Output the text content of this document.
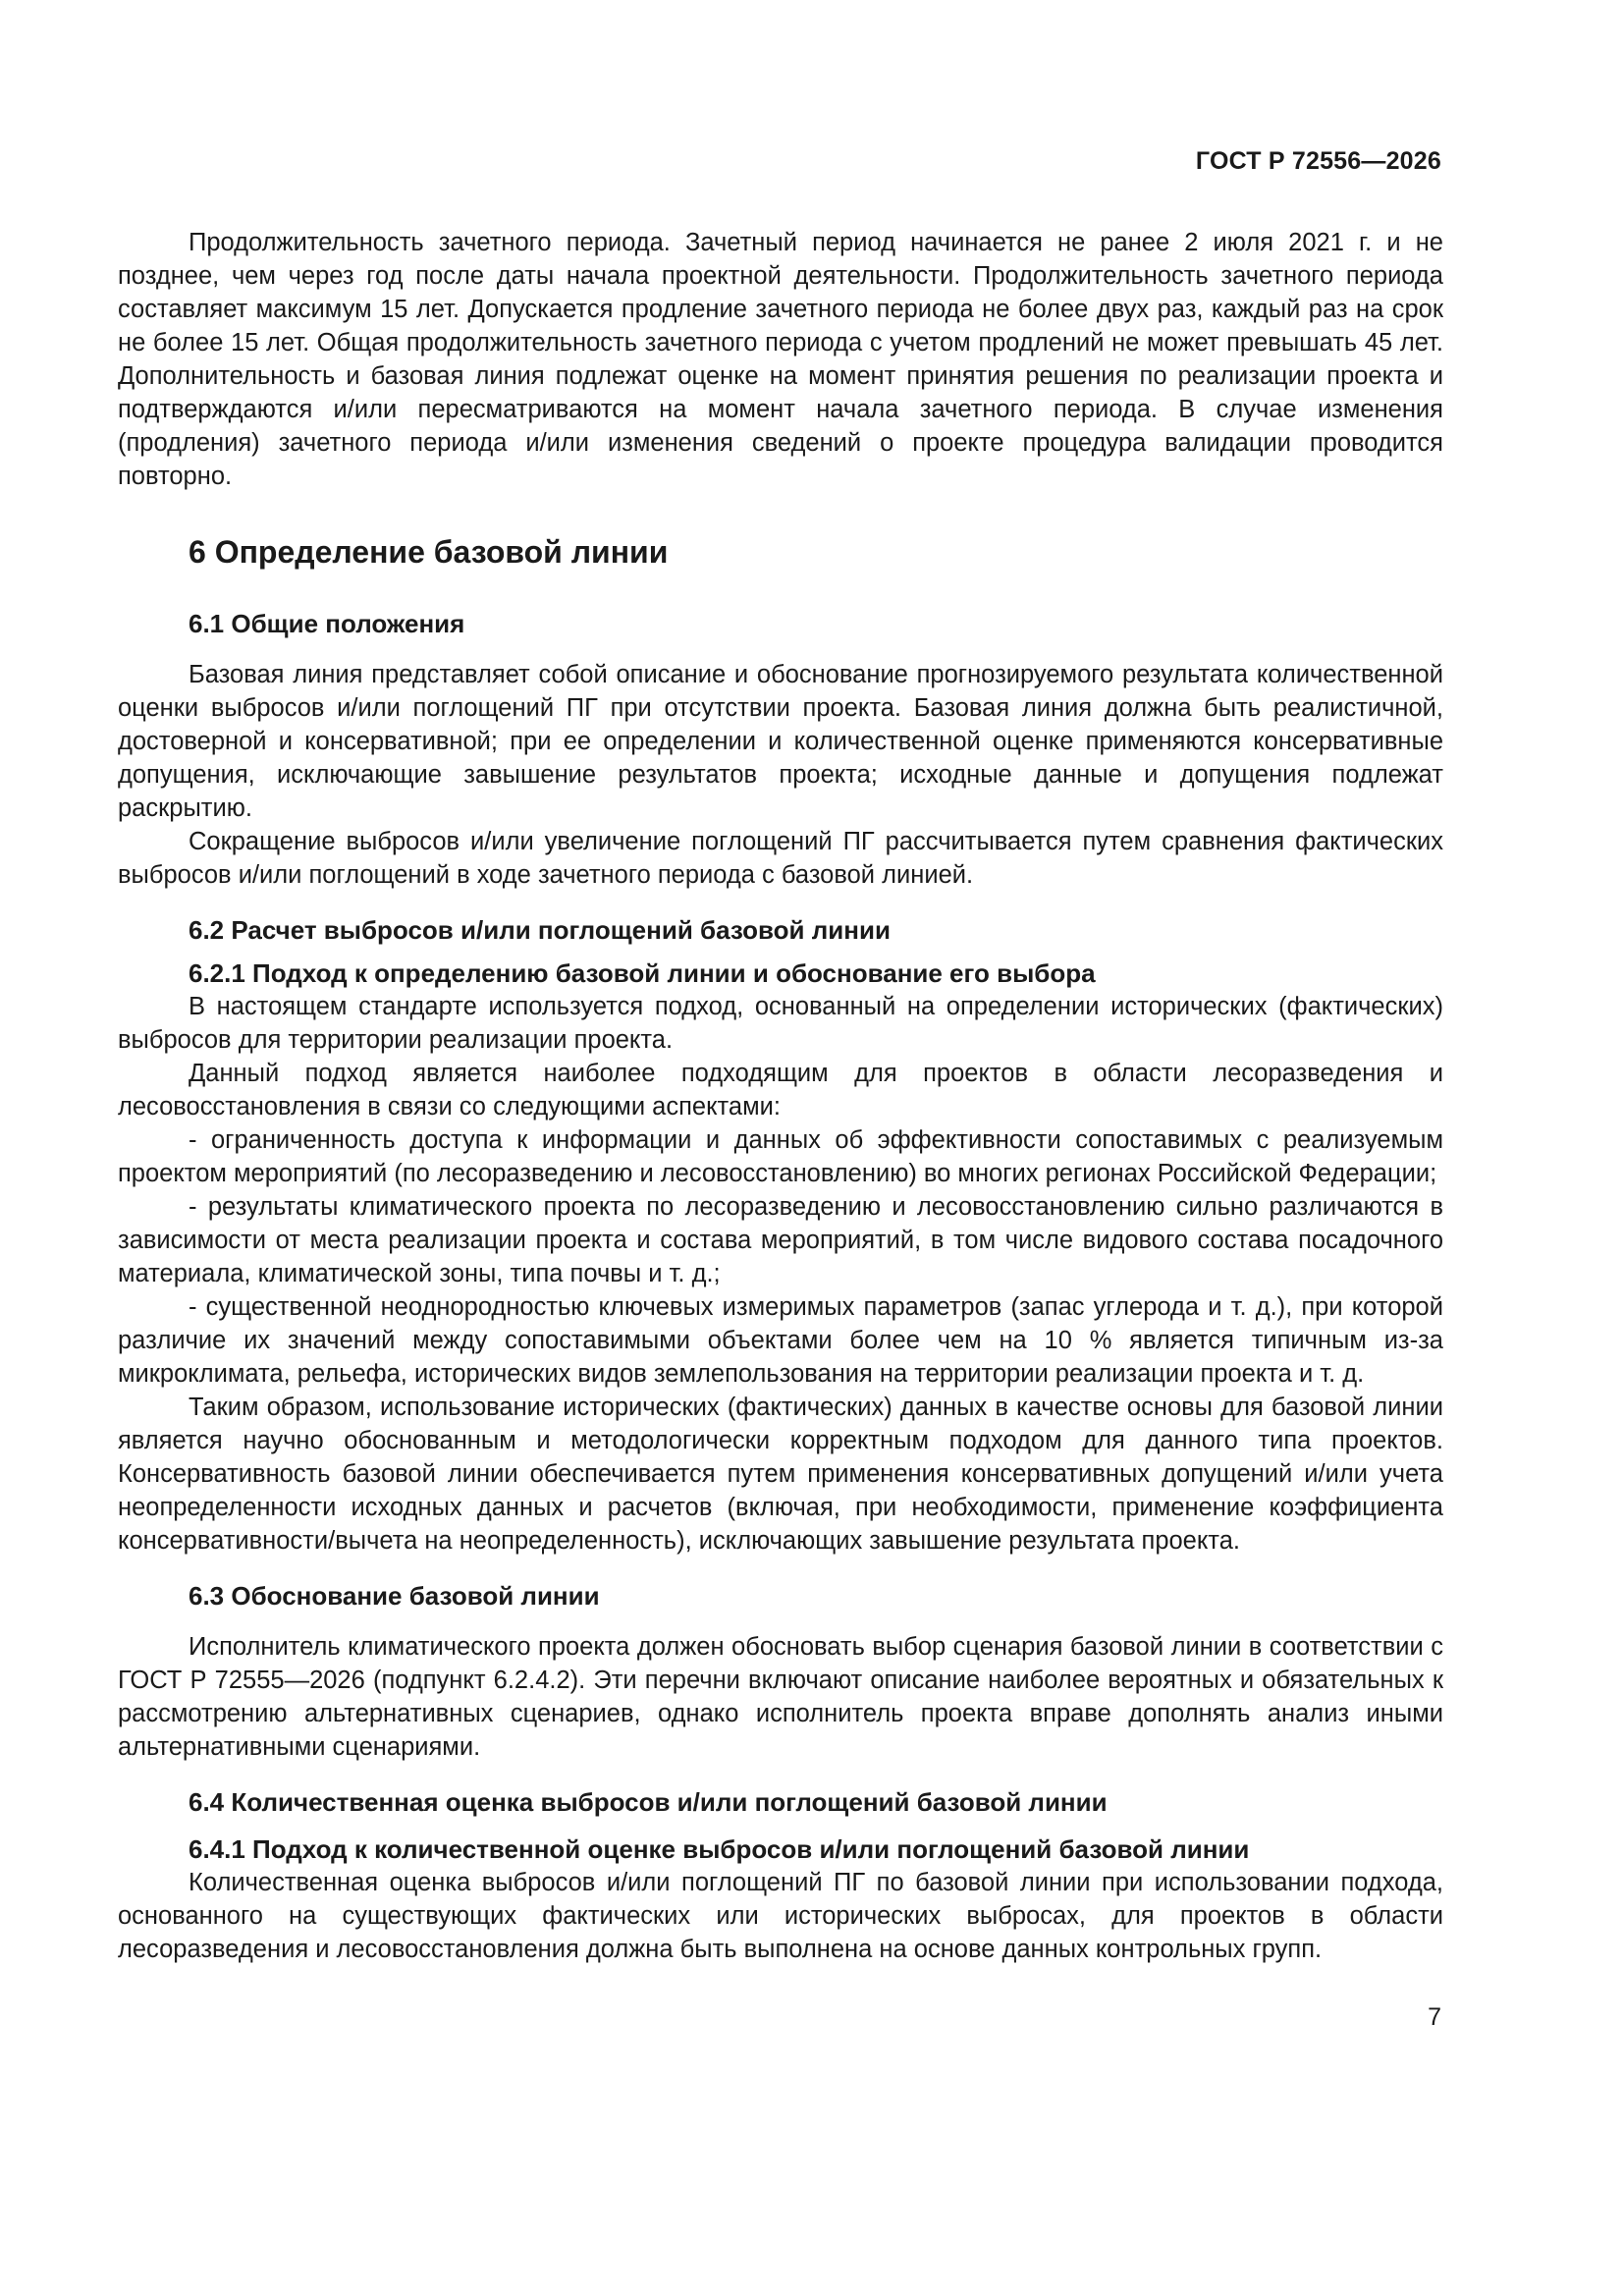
ГОСТ Р 72556—2026

Продолжительность зачетного периода. Зачетный период начинается не ранее 2 июля 2021 г. и не позднее, чем через год после даты начала проектной деятельности. Продолжительность зачетного периода составляет максимум 15 лет. Допускается продление зачетного периода не более двух раз, каждый раз на срок не более 15 лет. Общая продолжительность зачетного периода с учетом продлений не может превышать 45 лет. Дополнительность и базовая линия подлежат оценке на момент принятия решения по реализации проекта и подтверждаются и/или пересматриваются на момент начала зачетного периода. В случае изменения (продления) зачетного периода и/или изменения сведений о проекте процедура валидации проводится повторно.

6 Определение базовой линии
6.1 Общие положения

Базовая линия представляет собой описание и обоснование прогнозируемого результата количественной оценки выбросов и/или поглощений ПГ при отсутствии проекта. Базовая линия должна быть реалистичной, достоверной и консервативной; при ее определении и количественной оценке применяются консервативные допущения, исключающие завышение результатов проекта; исходные данные и допущения подлежат раскрытию.

Сокращение выбросов и/или увеличение поглощений ПГ рассчитывается путем сравнения фактических выбросов и/или поглощений в ходе зачетного периода с базовой линией.

6.2 Расчет выбросов и/или поглощений базовой линии
6.2.1 Подход к определению базовой линии и обоснование его выбора

В настоящем стандарте используется подход, основанный на определении исторических (фактических) выбросов для территории реализации проекта.

Данный подход является наиболее подходящим для проектов в области лесоразведения и лесовосстановления в связи со следующими аспектами:

- ограниченность доступа к информации и данных об эффективности сопоставимых с реализуемым проектом мероприятий (по лесоразведению и лесовосстановлению) во многих регионах Российской Федерации;

- результаты климатического проекта по лесоразведению и лесовосстановлению сильно различаются в зависимости от места реализации проекта и состава мероприятий, в том числе видового состава посадочного материала, климатической зоны, типа почвы и т. д.;

- существенной неоднородностью ключевых измеримых параметров (запас углерода и т. д.), при которой различие их значений между сопоставимыми объектами более чем на 10 % является типичным из-за микроклимата, рельефа, исторических видов землепользования на территории реализации проекта и т. д.

Таким образом, использование исторических (фактических) данных в качестве основы для базовой линии является научно обоснованным и методологически корректным подходом для данного типа проектов. Консервативность базовой линии обеспечивается путем применения консервативных допущений и/или учета неопределенности исходных данных и расчетов (включая, при необходимости, применение коэффициента консервативности/вычета на неопределенность), исключающих завышение результата проекта.

6.3 Обоснование базовой линии

Исполнитель климатического проекта должен обосновать выбор сценария базовой линии в соответствии с ГОСТ Р 72555—2026 (подпункт 6.2.4.2). Эти перечни включают описание наиболее вероятных и обязательных к рассмотрению альтернативных сценариев, однако исполнитель проекта вправе дополнять анализ иными альтернативными сценариями.

6.4 Количественная оценка выбросов и/или поглощений базовой линии
6.4.1 Подход к количественной оценке выбросов и/или поглощений базовой линии

Количественная оценка выбросов и/или поглощений ПГ по базовой линии при использовании подхода, основанного на существующих фактических или исторических выбросах, для проектов в области лесоразведения и лесовосстановления должна быть выполнена на основе данных контрольных групп.

7
